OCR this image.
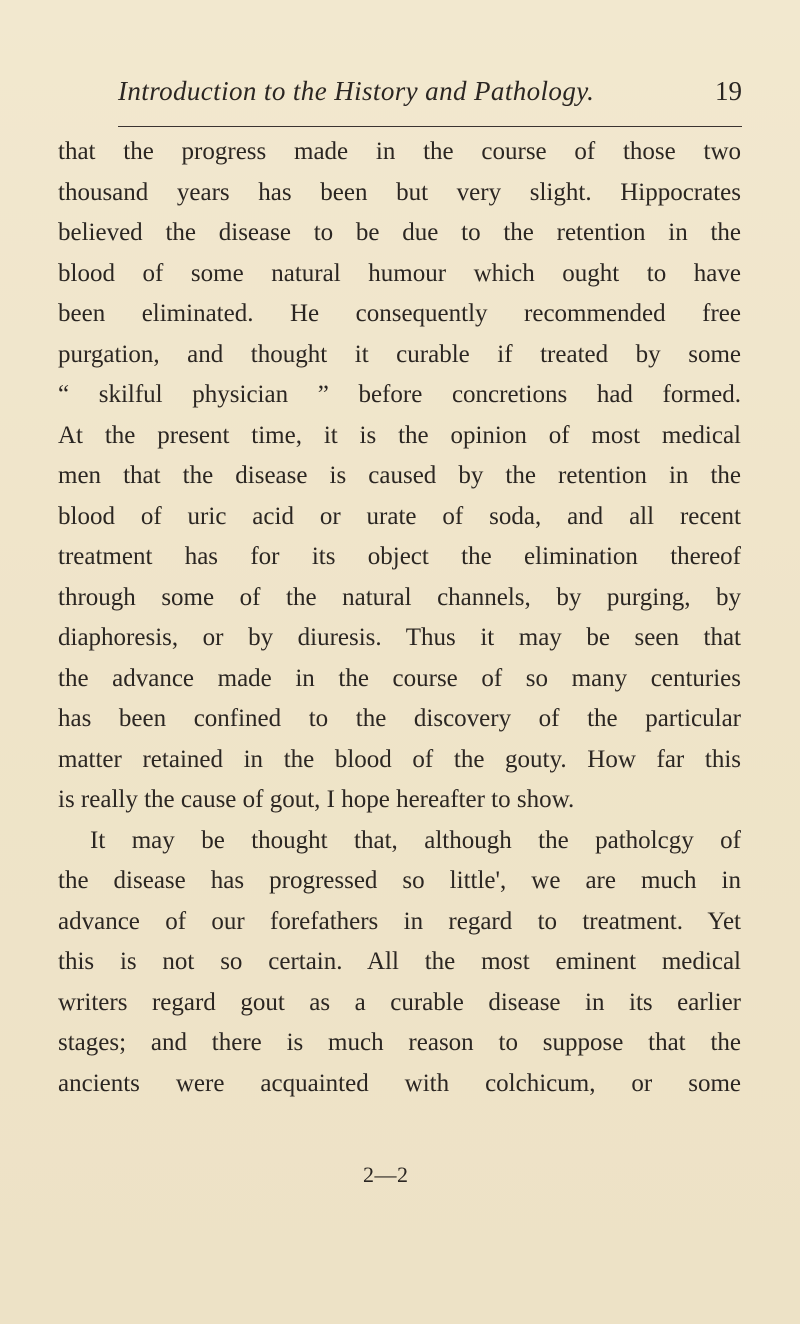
Introduction to the History and Pathology.	19
that the progress made in the course of those two
thousand years has been but very slight. Hippocrates
believed the disease to be due to the retention in the
blood of some natural humour which ought to have
been eliminated. He consequently recommended free
purgation, and thought it curable if treated by some
“ skilful physician ” before concretions had formed.
At the present time, it is the opinion of most medical
men that the disease is caused by the retention in the
blood of uric acid or urate of soda, and all recent
treatment has for its object the elimination thereof
through some of the natural channels, by purging, by
diaphoresis, or by diuresis. Thus it may be seen that
the advance made in the course of so many centuries
has been confined to the discovery of the particular
matter retained in the blood of the gouty. How far this
is really the cause of gout, I hope hereafter to show.
It may be thought that, although the patholcgy of
the disease has progressed so little', we are much in
advance of our forefathers in regard to treatment. Yet
this is not so certain. All the most eminent medical
writers regard gout as a curable disease in its earlier
stages; and there is much reason to suppose that the
ancients were acquainted with colchicum, or some
2—2
